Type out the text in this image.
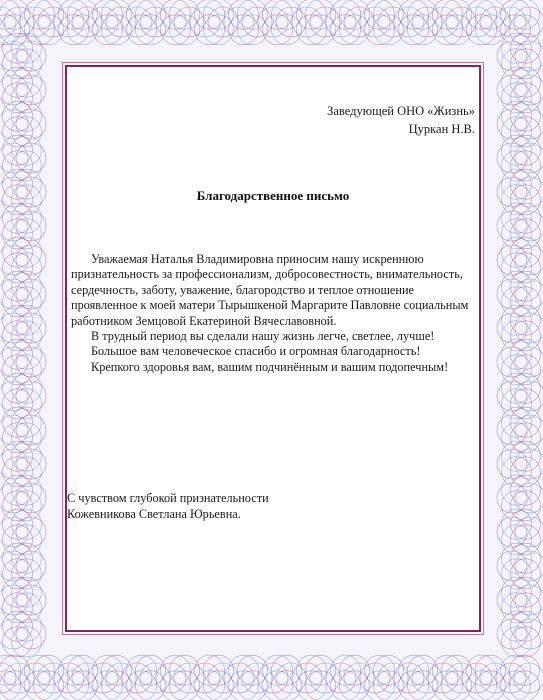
Заведующей ОНО «Жизнь»
Цуркан Н.В.
Благодарственное письмо

Уважаемая Наталья Владимировна приносим нашу искреннюю признательность за профессионализм, добросовестность, внимательность, сердечность, заботу, уважение, благородство и теплое отношение проявленное к моей матери Тырышкеной Маргарите Павловне социальным работником Земцовой Екатериной Вячеславовной.

В трудный период вы сделали нашу жизнь легче, светлее, лучше!

Большое вам человеческое спасибо и огромная благодарность!

Крепкого здоровья вам, вашим подчинённым и вашим подопечным!

С чувством глубокой признательности
Кожевникова Светлана Юрьевна.
